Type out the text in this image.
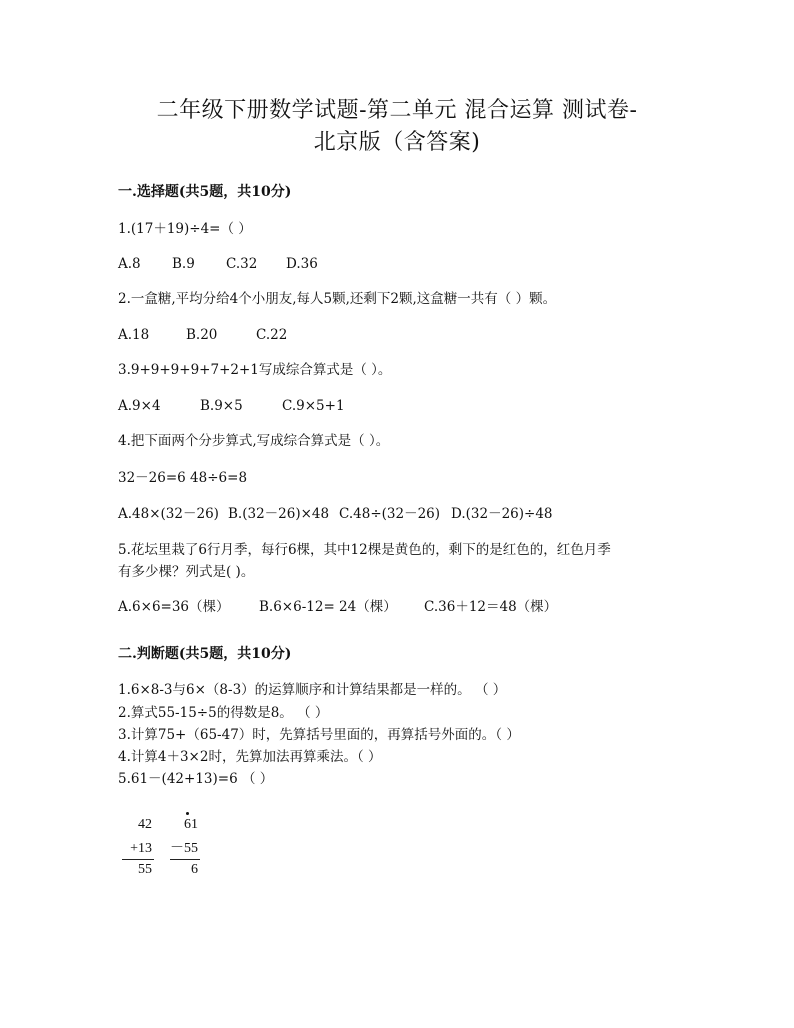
二年级下册数学试题-第二单元 混合运算 测试卷-
北京版（含答案)
一.选择题(共5题，共10分)
1.(17＋19)÷4=（ ）
A.8 B.9 C.32 D.36
2.一盒糖,平均分给4个小朋友,每人5颗,还剩下2颗,这盒糖一共有（ ）颗。
A.18	B.20	C.22
3.9+9+9+9+7+2+1写成综合算式是（ ）。
A.9×4	B.9×5	C.9×5+1
4.把下面两个分步算式,写成综合算式是（ ）。
32－26=6 48÷6=8
A.48×(32－26) B.(32－26)×48 C.48÷(32－26) D.(32－26)÷48
5.花坛里栽了6行月季，每行6棵，其中12棵是黄色的，剩下的是红色的，红色月季
有多少棵？列式是( )。
A.6×6=36（棵） B.6×6-12= 24（棵） C.36＋12＝48（棵）
二.判断题(共5题，共10分)
1.6×8-3与6×（8-3）的运算顺序和计算结果都是一样的。 （ ）
2.算式55-15÷5的得数是8。 （ ）
3.计算75+（65-47）时，先算括号里面的，再算括号外面的。（ ）
4.计算4＋3×2时，先算加法再算乘法。（ ）
5.61－(42+13)=6 （ ）
42
+13
55
61
－55
6
